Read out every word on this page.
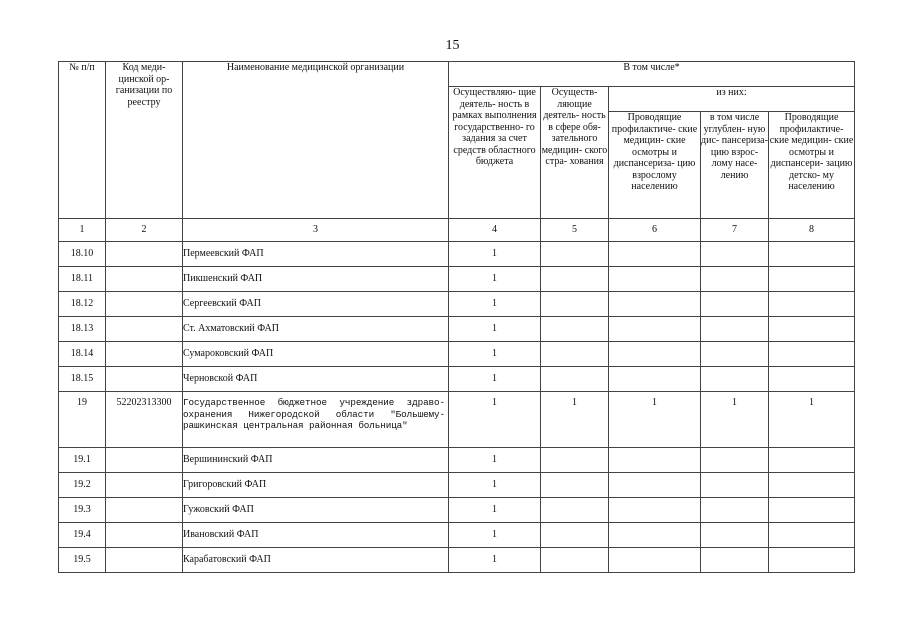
15
№ п/п	Код меди- цинской ор- ганизации по реестру	Наименование медицинской организации	В том числе*				
			Осуществляю- щие деятель- ность в рамках выполнения государственно- го задания за счет средств областного бюджета	Осуществ- ляющие деятель- ность в сфере обя- зательного медицин- ского стра- хования	из них:		
					Проводящие профилактиче- ские медицин- ские осмотры и диспансериза- цию взрослому населению	в том числе углублен- ную дис- пансериза- цию взрос- лому насе- лению	Проводящие профилактиче- ские медицин- ские осмотры и диспансери- зацию детско- му населению
1	2	3	4	5	6	7	8
18.10		Пермеевский ФАП	1				
18.11		Пикшенский ФАП	1				
18.12		Сергеевский ФАП	1				
18.13		Ст. Ахматовский ФАП	1				
18.14		Сумароковский ФАП	1				
18.15		Черновской ФАП	1				
19	52202313300	Государственное бюджетное учреждение здраво- охранения Нижегородской области "Большему- рашкинская центральная районная больница"	1	1	1	1	1
19.1		Вершининский ФАП	1				
19.2		Григоровский ФАП	1				
19.3		Гужовский ФАП	1				
19.4		Ивановский ФАП	1				
19.5		Карабатовский ФАП	1				
